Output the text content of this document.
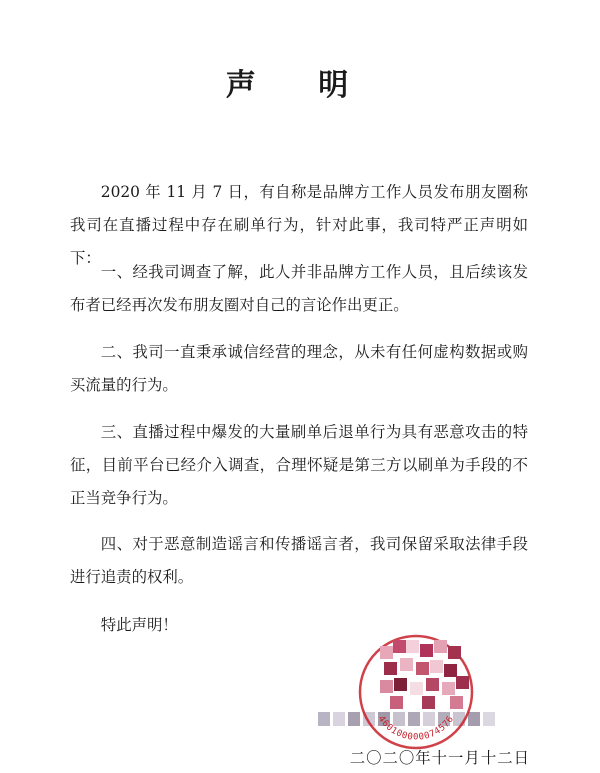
声 明
2020 年 11 月 7 日，有自称是品牌方工作人员发布朋友圈称我司在直播过程中存在刷单行为，针对此事，我司特严正声明如下：
一、经我司调查了解，此人并非品牌方工作人员，且后续该发布者已经再次发布朋友圈对自己的言论作出更正。
二、我司一直秉承诚信经营的理念，从未有任何虚构数据或购买流量的行为。
三、直播过程中爆发的大量刷单后退单行为具有恶意攻击的特征，目前平台已经介入调查，合理怀疑是第三方以刷单为手段的不正当竞争行为。
四、对于恶意制造谣言和传播谣言者，我司保留采取法律手段进行追责的权利。
特此声明！
460100000074576
二〇二〇年十一月十二日
